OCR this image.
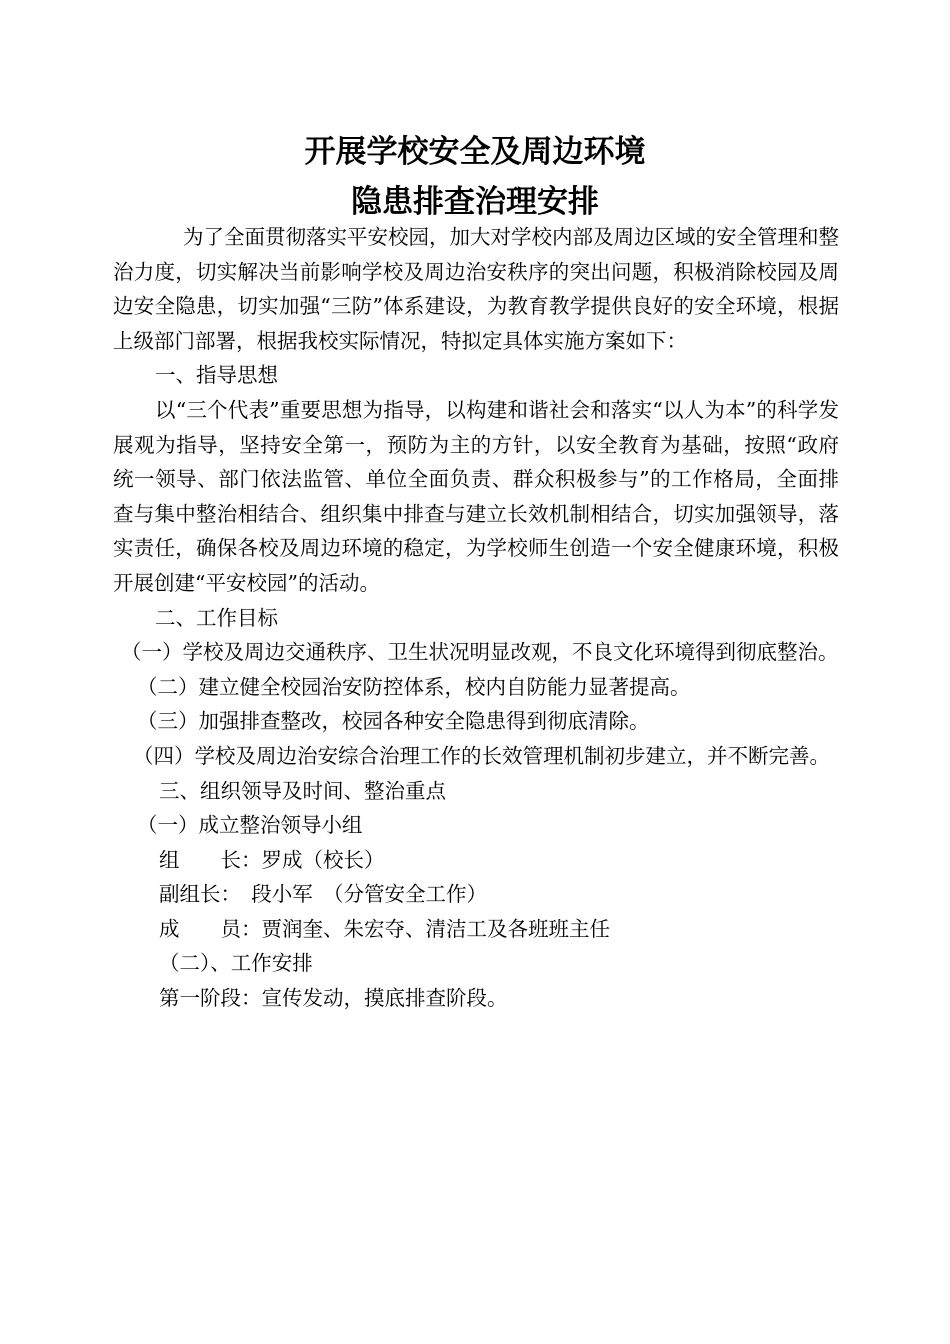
开展学校安全及周边环境
隐患排查治理安排

为了全面贯彻落实平安校园，加大对学校内部及周边区域的安全管理和整治力度，切实解决当前影响学校及周边治安秩序的突出问题，积极消除校园及周边安全隐患，切实加强“三防”体系建设，为教育教学提供良好的安全环境，根据上级部门部署，根据我校实际情况，特拟定具体实施方案如下：

一、指导思想

以“三个代表”重要思想为指导，以构建和谐社会和落实“以人为本”的科学发展观为指导，坚持安全第一，预防为主的方针，以安全教育为基础，按照“政府统一领导、部门依法监管、单位全面负责、群众积极参与”的工作格局，全面排查与集中整治相结合、组织集中排查与建立长效机制相结合，切实加强领导，落实责任，确保各校及周边环境的稳定，为学校师生创造一个安全健康环境，积极开展创建“平安校园”的活动。

二、工作目标

（一）学校及周边交通秩序、卫生状况明显改观，不良文化环境得到彻底整治。

（二）建立健全校园治安防控体系，校内自防能力显著提高。

（三）加强排查整改，校园各种安全隐患得到彻底清除。

（四）学校及周边治安综合治理工作的长效管理机制初步建立，并不断完善。

三、组织领导及时间、整治重点

（一）成立整治领导小组

组　　长：罗成（校长）

副组长：　段小军　（分管安全工作）

成　　员：贾润奎、朱宏夺、清洁工及各班班主任

（二）、工作安排

第一阶段：宣传发动，摸底排查阶段。
